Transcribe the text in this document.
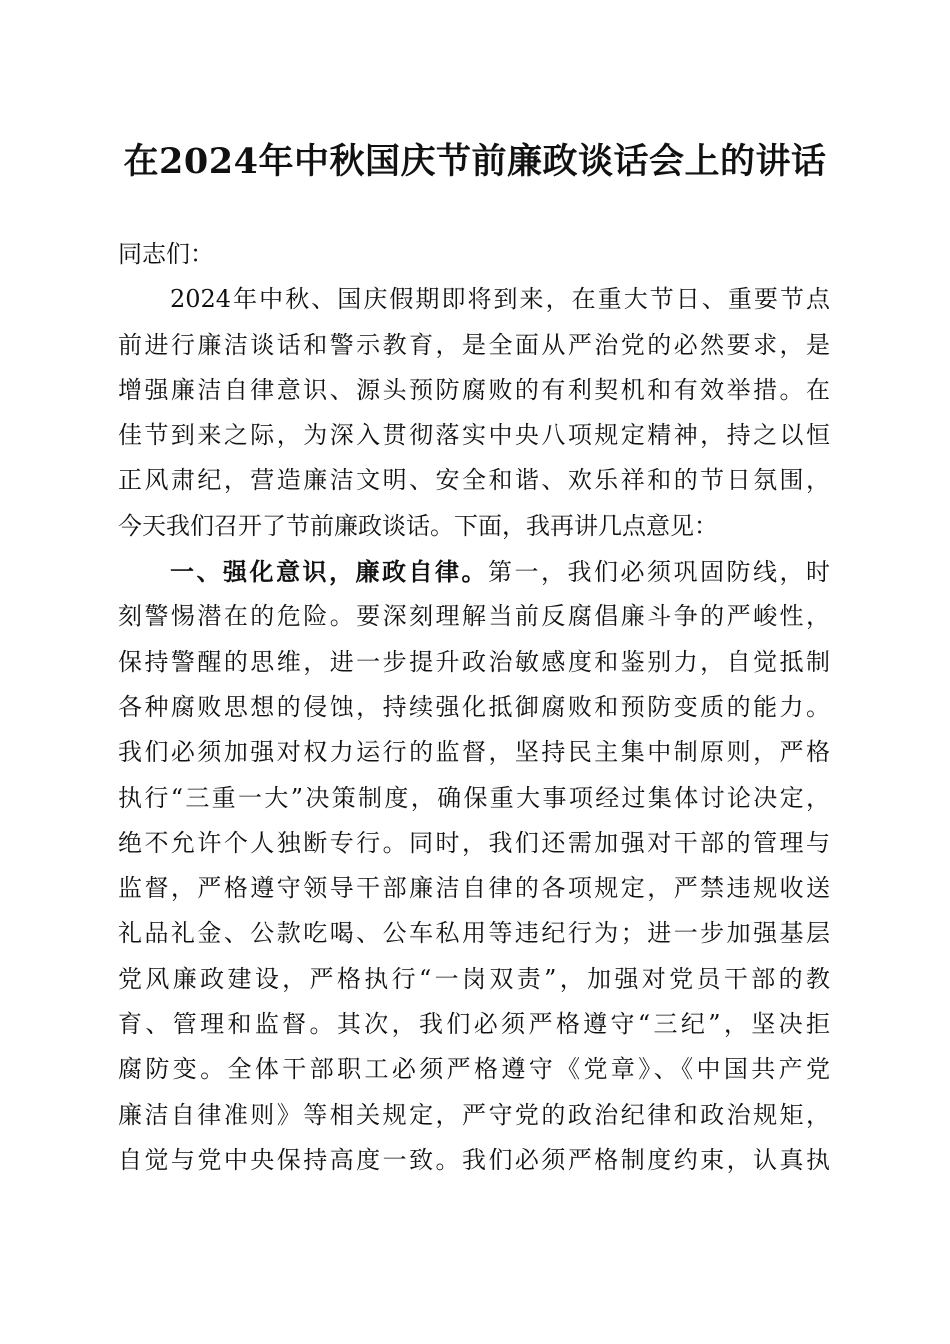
在2024年中秋国庆节前廉政谈话会上的讲话
同志们：
2024年中秋、国庆假期即将到来，在重大节日、重要节点
前进行廉洁谈话和警示教育，是全面从严治党的必然要求，是
增强廉洁自律意识、源头预防腐败的有利契机和有效举措。在
佳节到来之际，为深入贯彻落实中央八项规定精神，持之以恒
正风肃纪，营造廉洁文明、安全和谐、欢乐祥和的节日氛围，
今天我们召开了节前廉政谈话。下面，我再讲几点意见：
一、强化意识，廉政自律。第一，我们必须巩固防线，时
刻警惕潜在的危险。要深刻理解当前反腐倡廉斗争的严峻性，
保持警醒的思维，进一步提升政治敏感度和鉴别力，自觉抵制
各种腐败思想的侵蚀，持续强化抵御腐败和预防变质的能力。
我们必须加强对权力运行的监督，坚持民主集中制原则，严格
执行“三重一大”决策制度，确保重大事项经过集体讨论决定，
绝不允许个人独断专行。同时，我们还需加强对干部的管理与
监督，严格遵守领导干部廉洁自律的各项规定，严禁违规收送
礼品礼金、公款吃喝、公车私用等违纪行为；进一步加强基层
党风廉政建设，严格执行“一岗双责”，加强对党员干部的教
育、管理和监督。其次，我们必须严格遵守“三纪”，坚决拒
腐防变。全体干部职工必须严格遵守《党章》、《中国共产党
廉洁自律准则》等相关规定，严守党的政治纪律和政治规矩，
自觉与党中央保持高度一致。我们必须严格制度约束，认真执
